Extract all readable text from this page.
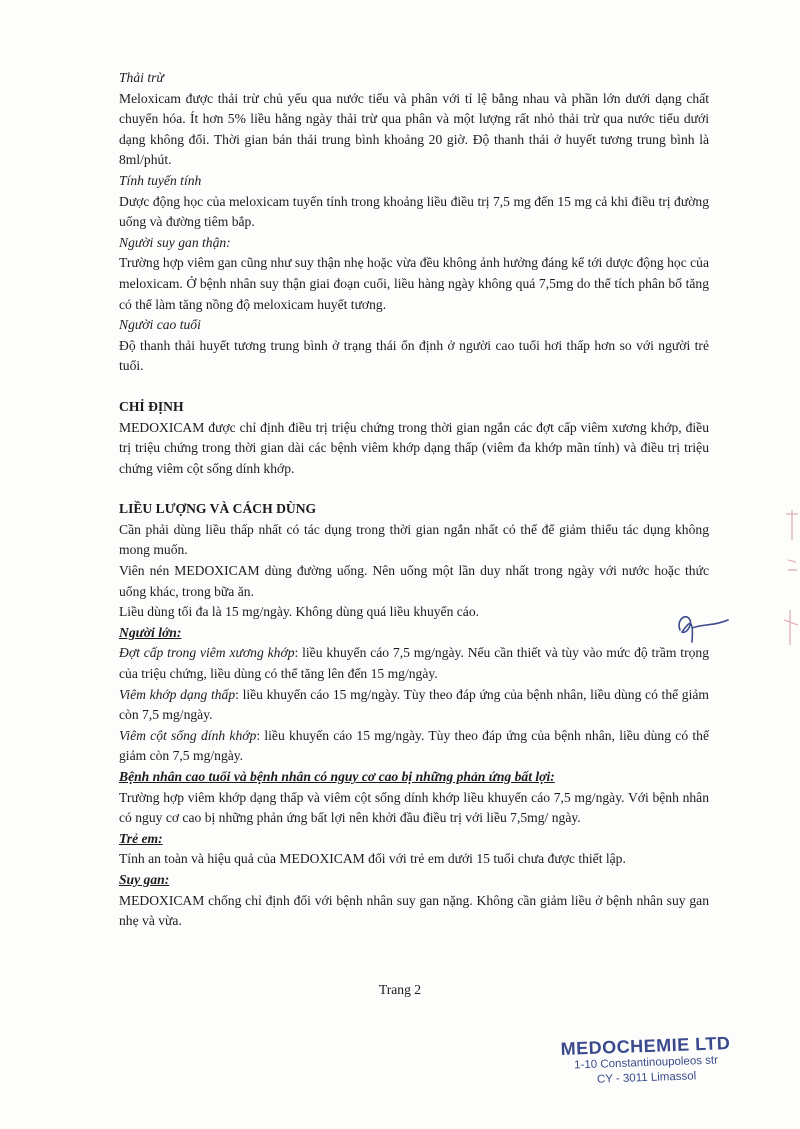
Thải trừ

Meloxicam được thải trừ chủ yếu qua nước tiểu và phân với tỉ lệ bằng nhau và phần lớn dưới dạng chất chuyển hóa. Ít hơn 5% liều hằng ngày thải trừ qua phân và một lượng rất nhỏ thải trừ qua nước tiểu dưới dạng không đổi. Thời gian bán thải trung bình khoảng 20 giờ. Độ thanh thải ở huyết tương trung bình là 8ml/phút.

Tính tuyến tính

Dược động học của meloxicam tuyến tính trong khoảng liều điều trị 7,5 mg đến 15 mg cả khi điều trị đường uống và đường tiêm bắp.

Người suy gan thận:

Trường hợp viêm gan cũng như suy thận nhẹ hoặc vừa đều không ảnh hưởng đáng kể tới dược động học của meloxicam. Ở bệnh nhân suy thận giai đoạn cuối, liều hàng ngày không quá 7,5mg do thể tích phân bố tăng có thể làm tăng nồng độ meloxicam huyết tương.

Người cao tuổi

Độ thanh thải huyết tương trung bình ở trạng thái ổn định ở người cao tuổi hơi thấp hơn so với người trẻ tuổi.

CHỈ ĐỊNH

MEDOXICAM được chỉ định điều trị triệu chứng trong thời gian ngắn các đợt cấp viêm xương khớp, điều trị triệu chứng trong thời gian dài các bệnh viêm khớp dạng thấp (viêm đa khớp mãn tính) và điều trị triệu chứng viêm cột sống dính khớp.

LIỀU LƯỢNG VÀ CÁCH DÙNG

Cần phải dùng liều thấp nhất có tác dụng trong thời gian ngắn nhất có thể để giảm thiểu tác dụng không mong muốn.

Viên nén MEDOXICAM dùng đường uống. Nên uống một lần duy nhất trong ngày với nước hoặc thức uống khác, trong bữa ăn.

Liều dùng tối đa là 15 mg/ngày. Không dùng quá liều khuyến cáo.

Người lớn:

Đợt cấp trong viêm xương khớp: liều khuyến cáo 7,5 mg/ngày. Nếu cần thiết và tùy vào mức độ trầm trọng của triệu chứng, liều dùng có thể tăng lên đến 15 mg/ngày.

Viêm khớp dạng thấp: liều khuyến cáo 15 mg/ngày. Tùy theo đáp ứng của bệnh nhân, liều dùng có thể giảm còn 7,5 mg/ngày.

Viêm cột sống dính khớp: liều khuyến cáo 15 mg/ngày. Tùy theo đáp ứng của bệnh nhân, liều dùng có thể giảm còn 7,5 mg/ngày.

Bệnh nhân cao tuổi và bệnh nhân có nguy cơ cao bị những phản ứng bất lợi:

Trường hợp viêm khớp dạng thấp và viêm cột sống dính khớp liều khuyến cáo 7,5 mg/ngày. Với bệnh nhân có nguy cơ cao bị những phản ứng bất lợi nên khởi đầu điều trị với liều 7,5mg/ ngày.

Trẻ em:

Tính an toàn và hiệu quả của MEDOXICAM đối với trẻ em dưới 15 tuổi chưa được thiết lập.

Suy gan:

MEDOXICAM chống chỉ định đối với bệnh nhân suy gan nặng. Không cần giảm liều ở bệnh nhân suy gan nhẹ và vừa.

Trang 2
MEDOCHEMIE LTD
1-10 Constantinoupoleos str
CY - 3011 Limassol
